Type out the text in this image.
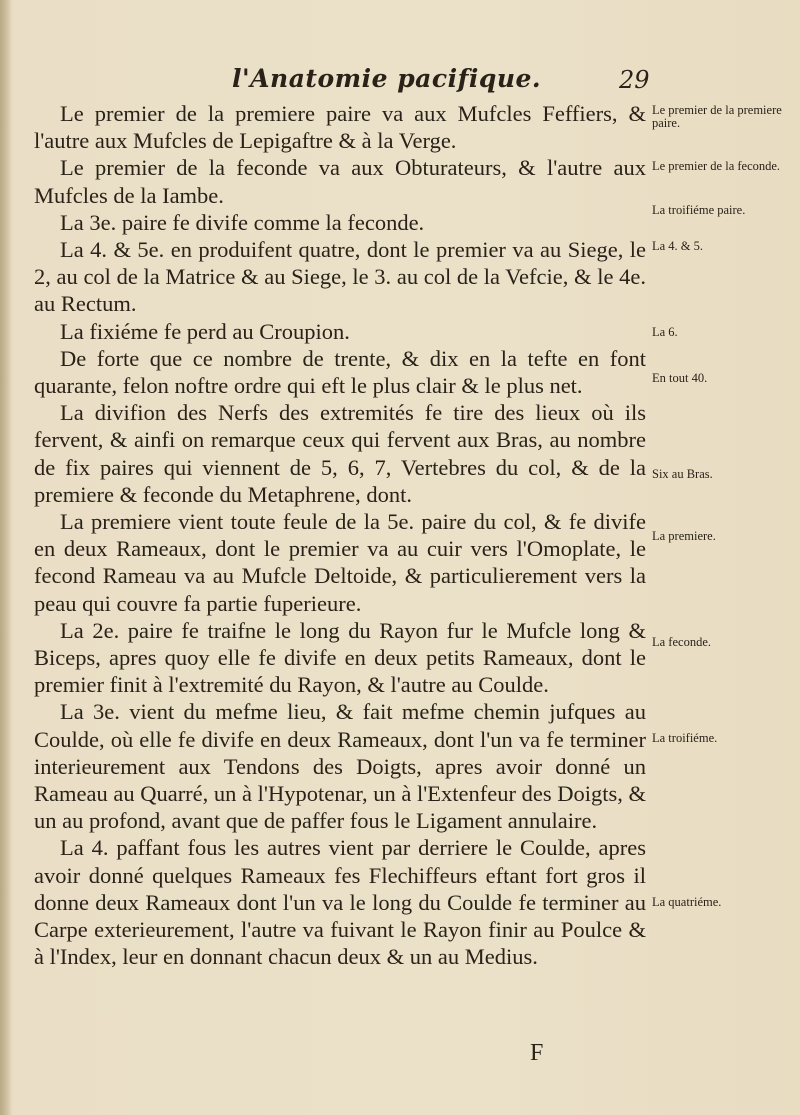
l'Anatomie pacifique.	29

Le premier de la premiere paire va aux Mufcles Feffiers, & l'autre aux Mufcles de Lepigaftre & à la Verge.

Le premier de la feconde va aux Obturateurs, & l'autre aux Mufcles de la Iambe.

La 3e. paire fe divife comme la feconde.

La 4. & 5e. en produifent quatre, dont le premier va au Siege, le 2, au col de la Matrice & au Siege, le 3. au col de la Vefcie, & le 4e. au Rectum.

La fixiéme fe perd au Croupion.

De forte que ce nombre de trente, & dix en la tefte en font quarante, felon noftre ordre qui eft le plus clair & le plus net.

La divifion des Nerfs des extremités fe tire des lieux où ils fervent, & ainfi on remarque ceux qui fervent aux Bras, au nombre de fix paires qui viennent de 5, 6, 7, Vertebres du col, & de la premiere & feconde du Metaphrene, dont.

La premiere vient toute feule de la 5e. paire du col, & fe divife en deux Rameaux, dont le premier va au cuir vers l'Omoplate, le fecond Rameau va au Mufcle Deltoide, & particulierement vers la peau qui couvre fa partie fuperieure.

La 2e. paire fe traifne le long du Rayon fur le Mufcle long & Biceps, apres quoy elle fe divife en deux petits Rameaux, dont le premier finit à l'extremité du Rayon, & l'autre au Coulde.

La 3e. vient du mefme lieu, & fait mefme chemin jufques au Coulde, où elle fe divife en deux Rameaux, dont l'un va fe terminer interieurement aux Tendons des Doigts, apres avoir donné un Rameau au Quarré, un à l'Hypotenar, un à l'Extenfeur des Doigts, & un au profond, avant que de paffer fous le Ligament annulaire.

La 4. paffant fous les autres vient par derriere le Coulde, apres avoir donné quelques Rameaux fes Flechiffeurs eftant fort gros il donne deux Rameaux dont l'un va le long du Coulde fe terminer au Carpe exterieurement, l'autre va fuivant le Rayon finir au Poulce & à l'Index, leur en donnant chacun deux & un au Medius.

Le premier de la premiere paire.
Le premier de la feconde.
La troifiéme paire.
La 4. & 5.
La 6.
En tout 40.
Six au Bras.
La premiere.
La feconde.
La troifiéme.
La quatriéme.
F
